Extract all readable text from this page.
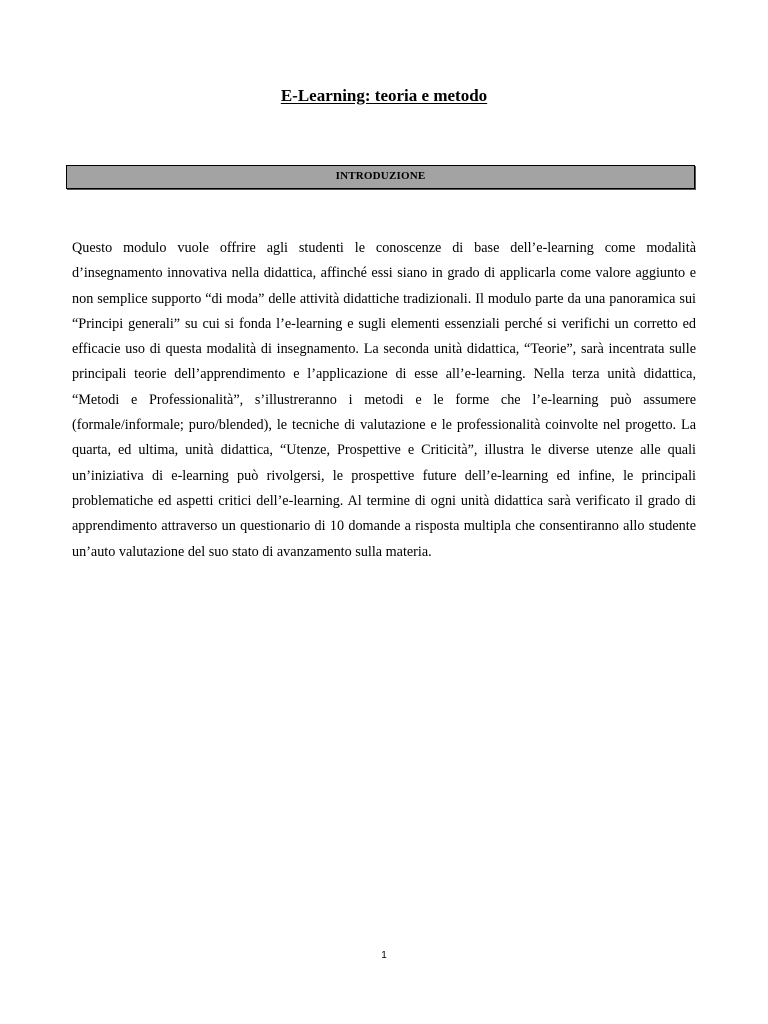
E-Learning: teoria e metodo
INTRODUZIONE

Questo modulo vuole offrire agli studenti le conoscenze di base dell’e-learning come modalità d’insegnamento innovativa nella didattica, affinché essi siano in grado di applicarla come valore aggiunto e non semplice supporto “di moda” delle attività didattiche tradizionali. Il modulo parte da una panoramica sui “Principi generali” su cui si fonda l’e-learning e sugli elementi essenziali perché si verifichi un corretto ed efficacie uso di questa modalità di insegnamento. La seconda unità didattica, “Teorie”, sarà incentrata sulle principali teorie dell’apprendimento e l’applicazione di esse all’e-learning. Nella terza unità didattica, “Metodi e Professionalità”, s’illustreranno i metodi e le forme che l’e-learning può assumere (formale/informale; puro/blended), le tecniche di valutazione e le professionalità coinvolte nel progetto. La quarta, ed ultima, unità didattica, “Utenze, Prospettive e Criticità”, illustra le diverse utenze alle quali un’iniziativa di e-learning può rivolgersi, le prospettive future dell’e-learning ed infine, le principali problematiche ed aspetti critici dell’e-learning. Al termine di ogni unità didattica sarà verificato il grado di apprendimento attraverso un questionario di 10 domande a risposta multipla che consentiranno allo studente un’auto valutazione del suo stato di avanzamento sulla materia.

1
